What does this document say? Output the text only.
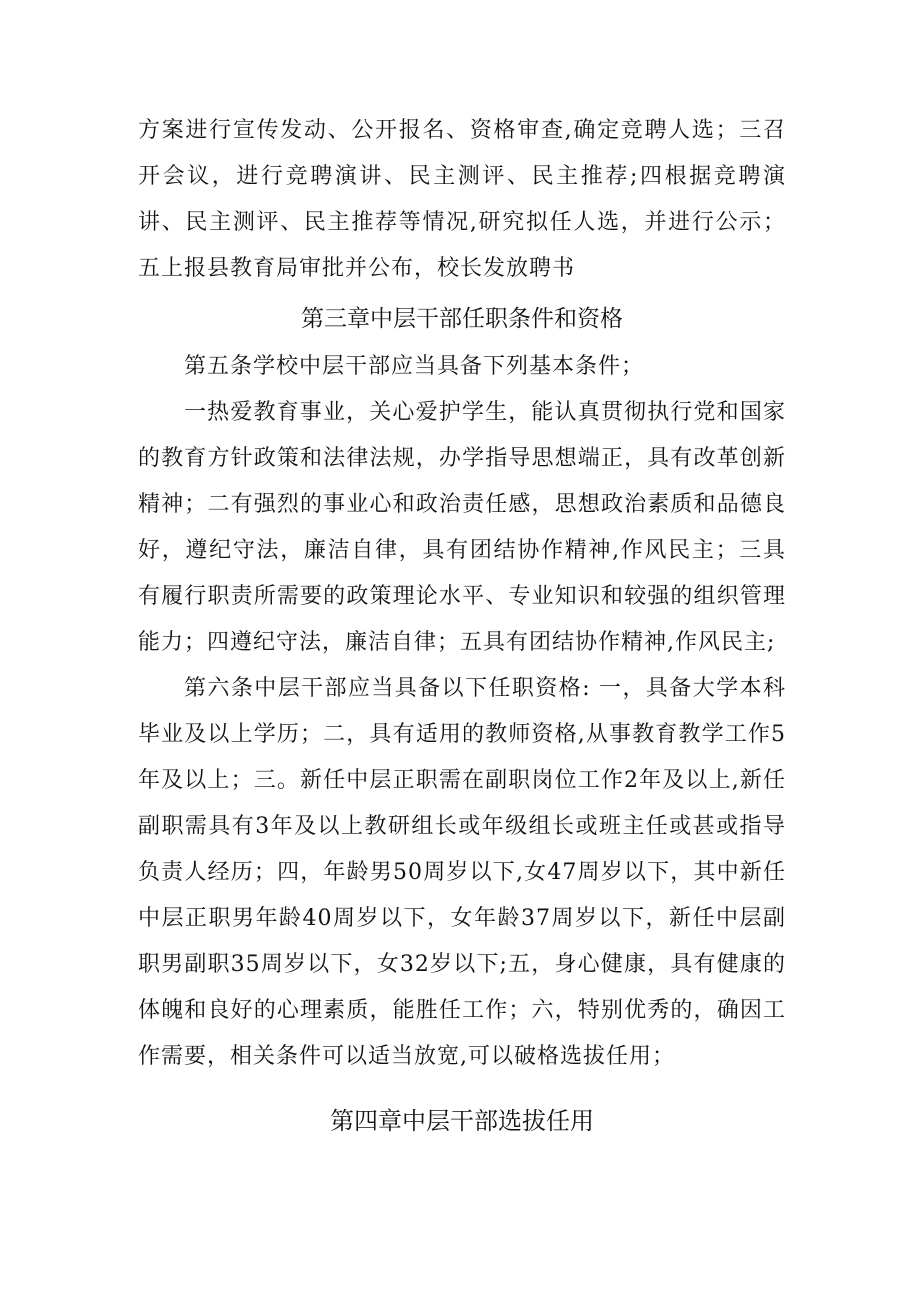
方案进行宣传发动、公开报名、资格审查,确定竞聘人选；三召开会议，进行竞聘演讲、民主测评、民主推荐;四根据竞聘演讲、民主测评、民主推荐等情况,研究拟任人选，并进行公示；五上报县教育局审批并公布，校长发放聘书

第三章中层干部任职条件和资格

第五条学校中层干部应当具备下列基本条件；

一热爱教育事业，关心爱护学生，能认真贯彻执行党和国家的教育方针政策和法律法规，办学指导思想端正，具有改革创新精神；二有强烈的事业心和政治责任感，思想政治素质和品德良好，遵纪守法，廉洁自律，具有团结协作精神,作风民主；三具有履行职责所需要的政策理论水平、专业知识和较强的组织管理能力；四遵纪守法，廉洁自律；五具有团结协作精神,作风民主;

第六条中层干部应当具备以下任职资格: 一，具备大学本科毕业及以上学历；二，具有适用的教师资格,从事教育教学工作5年及以上；三。新任中层正职需在副职岗位工作2年及以上,新任副职需具有3年及以上教研组长或年级组长或班主任或甚或指导负责人经历；四，年龄男50周岁以下,女47周岁以下，其中新任中层正职男年龄40周岁以下，女年龄37周岁以下，新任中层副职男副职35周岁以下，女32岁以下;五，身心健康，具有健康的体魄和良好的心理素质，能胜任工作；六，特别优秀的，确因工作需要，相关条件可以适当放宽,可以破格选拔任用；

第四章中层干部选拔任用
